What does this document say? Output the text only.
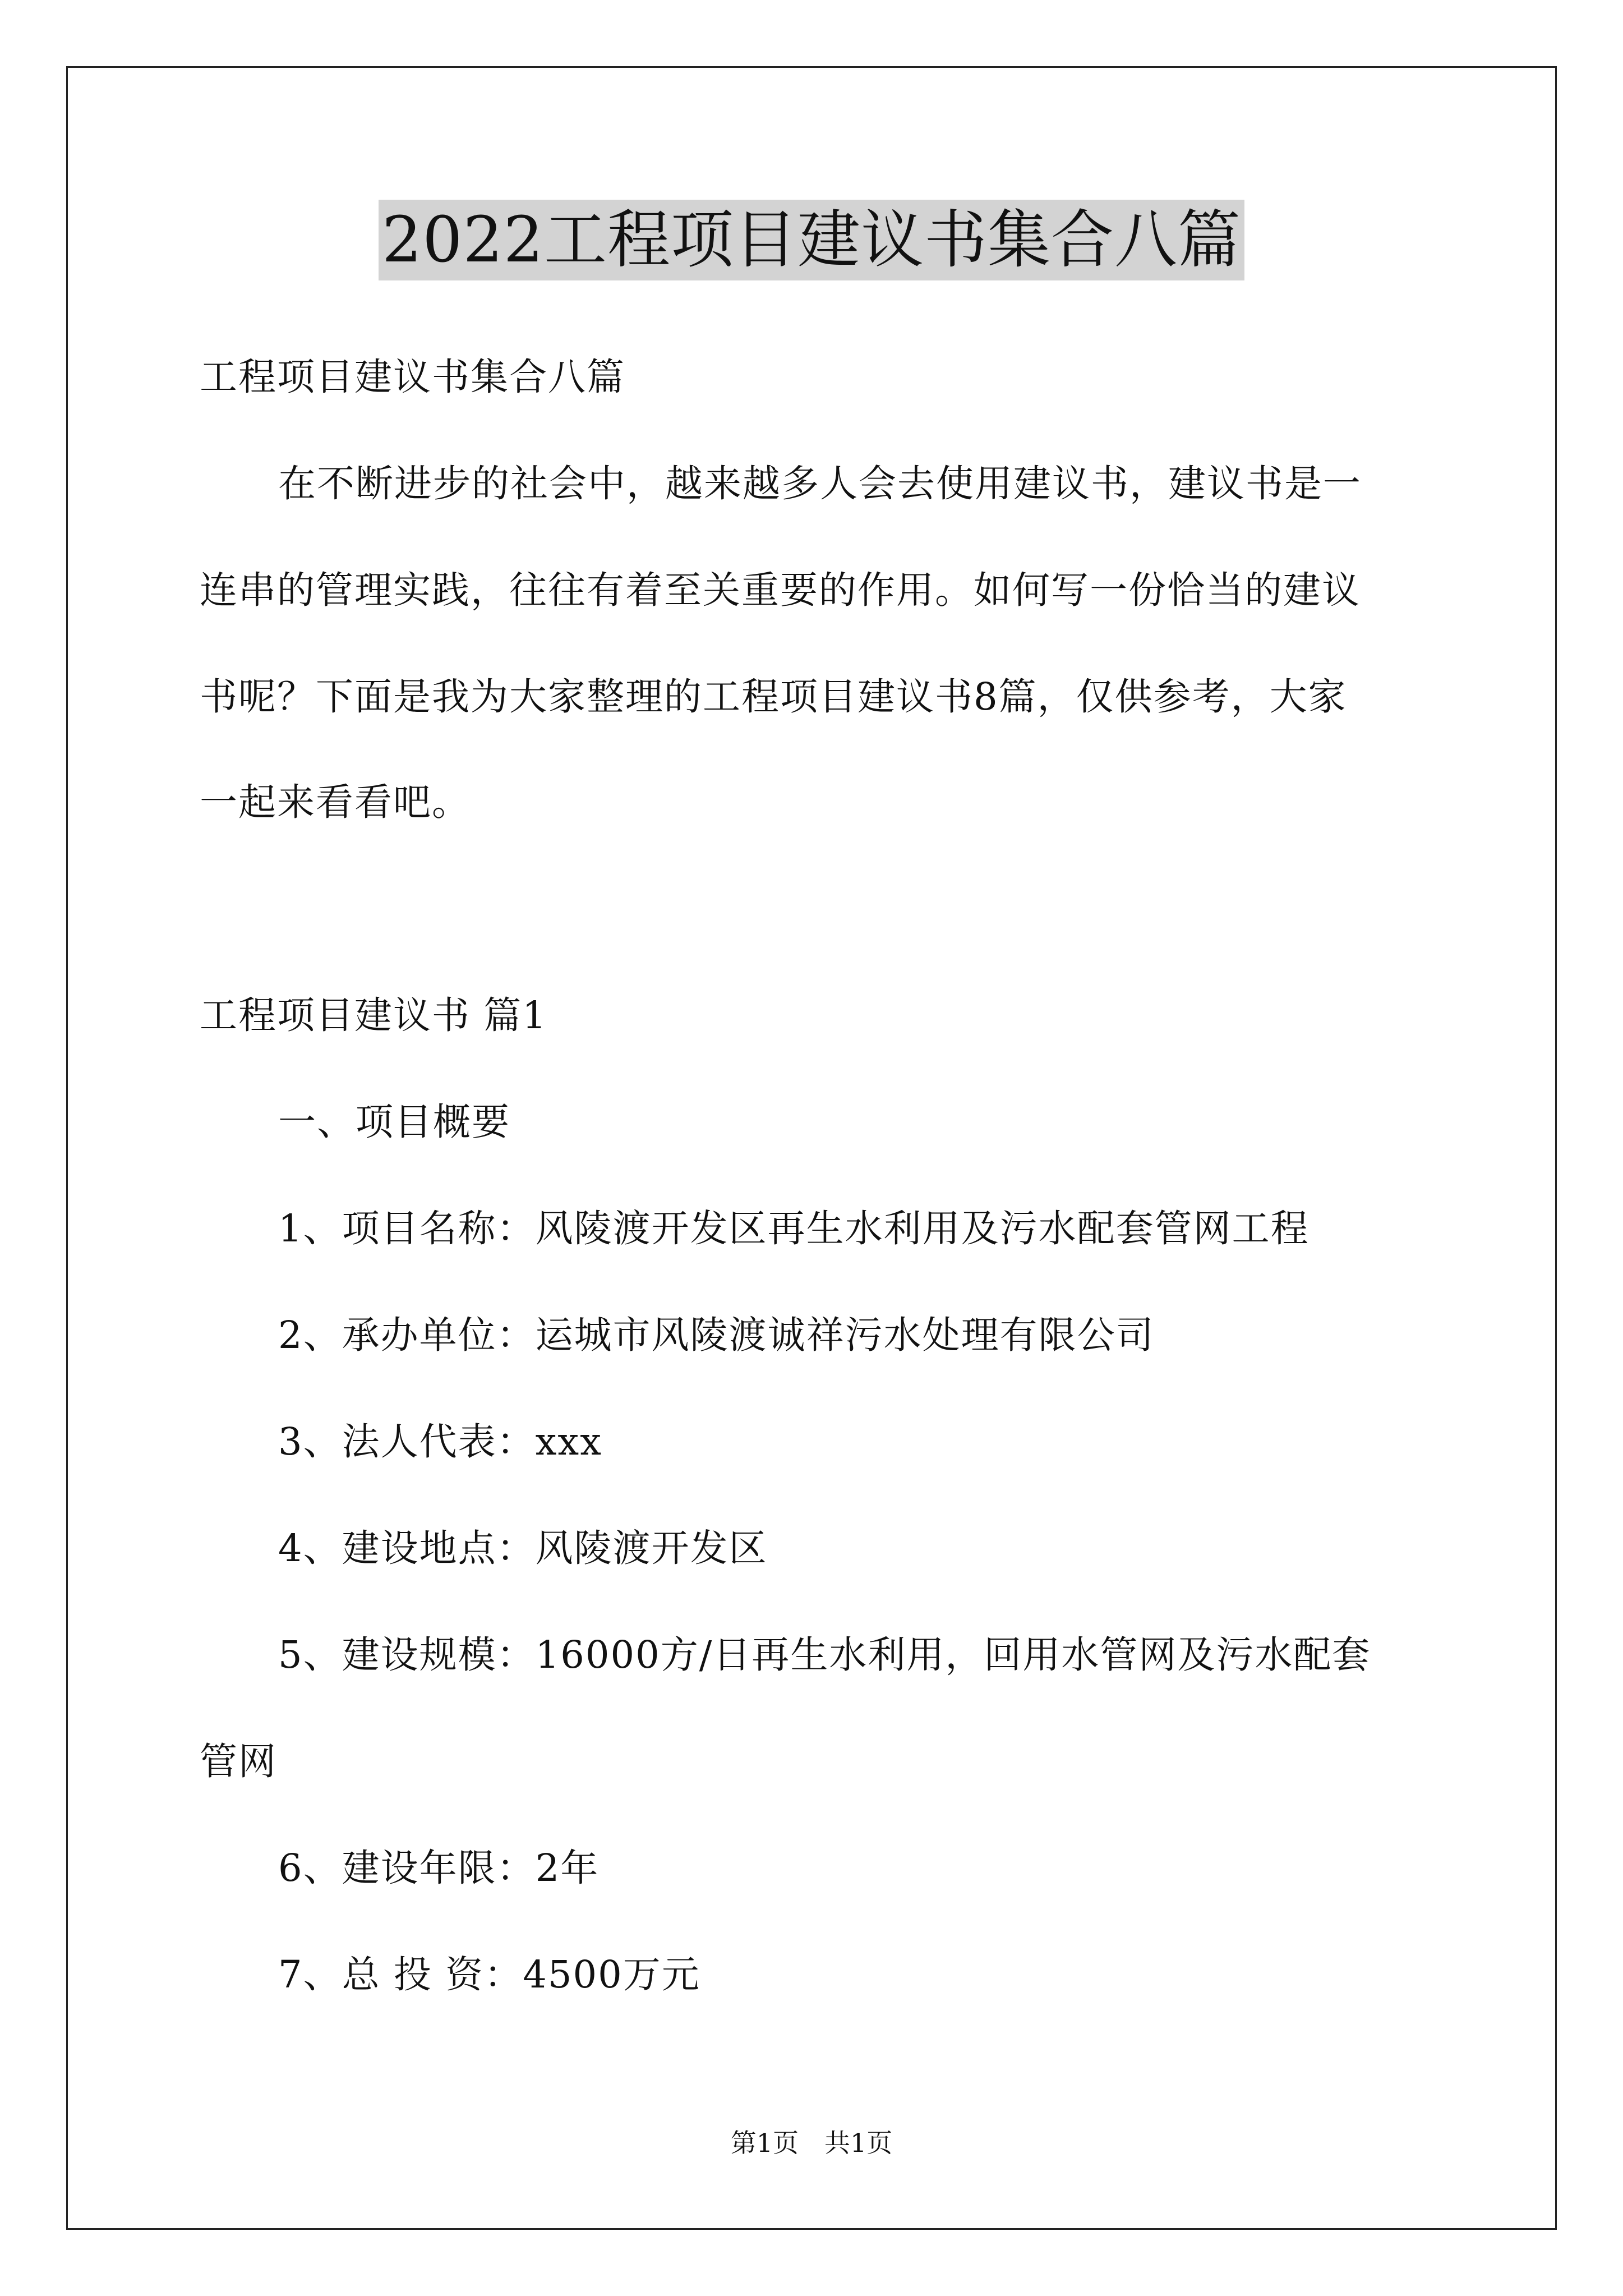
2022工程项目建议书集合八篇
工程项目建议书集合八篇
在不断进步的社会中，越来越多人会去使用建议书，建议书是一
连串的管理实践，往往有着至关重要的作用。如何写一份恰当的建议
书呢？下面是我为大家整理的工程项目建议书8篇，仅供参考，大家
一起来看看吧。
工程项目建议书 篇1
一、项目概要
1、项目名称：风陵渡开发区再生水利用及污水配套管网工程
2、承办单位：运城市风陵渡诚祥污水处理有限公司
3、法人代表：xxx
4、建设地点：风陵渡开发区
5、建设规模：16000方/日再生水利用，回用水管网及污水配套
管网
6、建设年限：2年
7、总 投 资：4500万元
第1页　共1页
